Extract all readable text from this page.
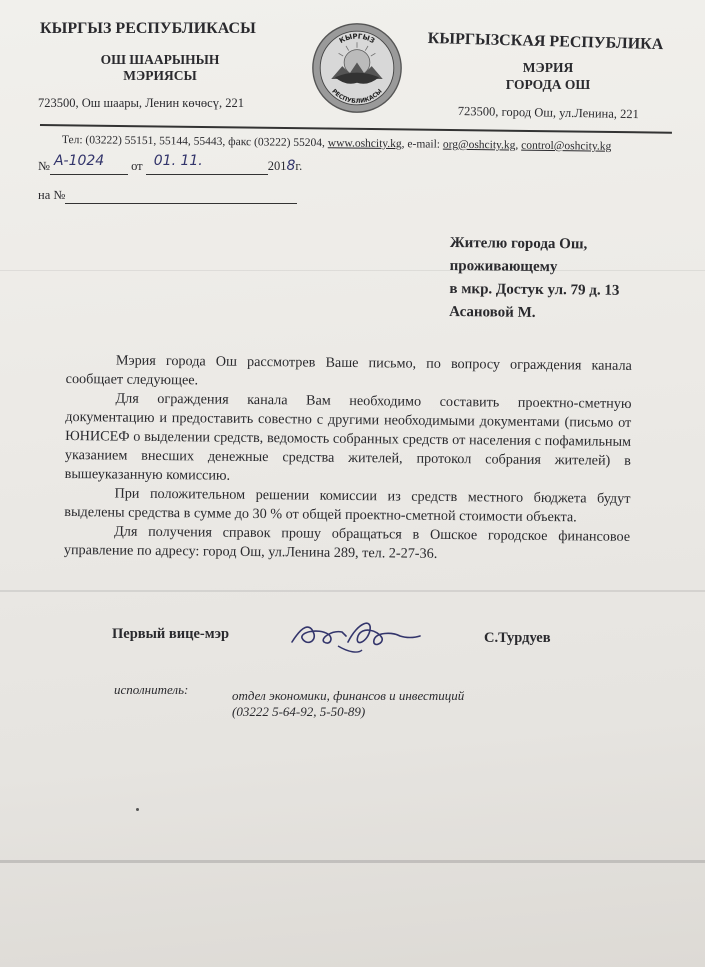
КЫРГЫЗ РЕСПУБЛИКАСЫ
ОШ ШААРЫНЫН
МЭРИЯСЫ
723500, Ош шаары, Ленин көчөсү, 221
КЫРГЫЗ
РЕСПУБЛИКАСЫ
КЫРГЫЗСКАЯ РЕСПУБЛИКА
МЭРИЯ
ГОРОДА ОШ
723500, город Ош, ул.Ленина, 221
Тел: (03222) 55151, 55144, 55443, факс (03222) 55204, www.oshcity.kg, e-mail: org@oshcity.kg, control@oshcity.kg
№ A-1024 от 01. 11.	2018г.
на №
Жителю города Ош,
проживающему
в мкр. Достук ул. 79 д. 13
Асановой М.

Мэрия города Ош рассмотрев Ваше письмо, по вопросу ограждения канала сообщает следующее.

Для ограждения канала Вам необходимо составить проектно-сметную документацию и предоставить совестно с другими необходимыми документами (письмо от ЮНИСЕФ о выделении средств, ведомость собранных средств от населения с пофамильным указанием внесших денежные средства жителей, протокол собрания жителей) в вышеуказанную комиссию.

При положительном решении комиссии из средств местного бюджета будут выделены средства в сумме до 30 % от общей проектно-сметной стоимости объекта.

Для получения справок прошу обращаться в Ошское городское финансовое управление по адресу: город Ош, ул.Ленина 289, тел. 2-27-36.

Первый вице-мэр	С.Турдуев
исполнитель:	отдел экономики, финансов и инвестиций
(03222 5-64-92, 5-50-89)
